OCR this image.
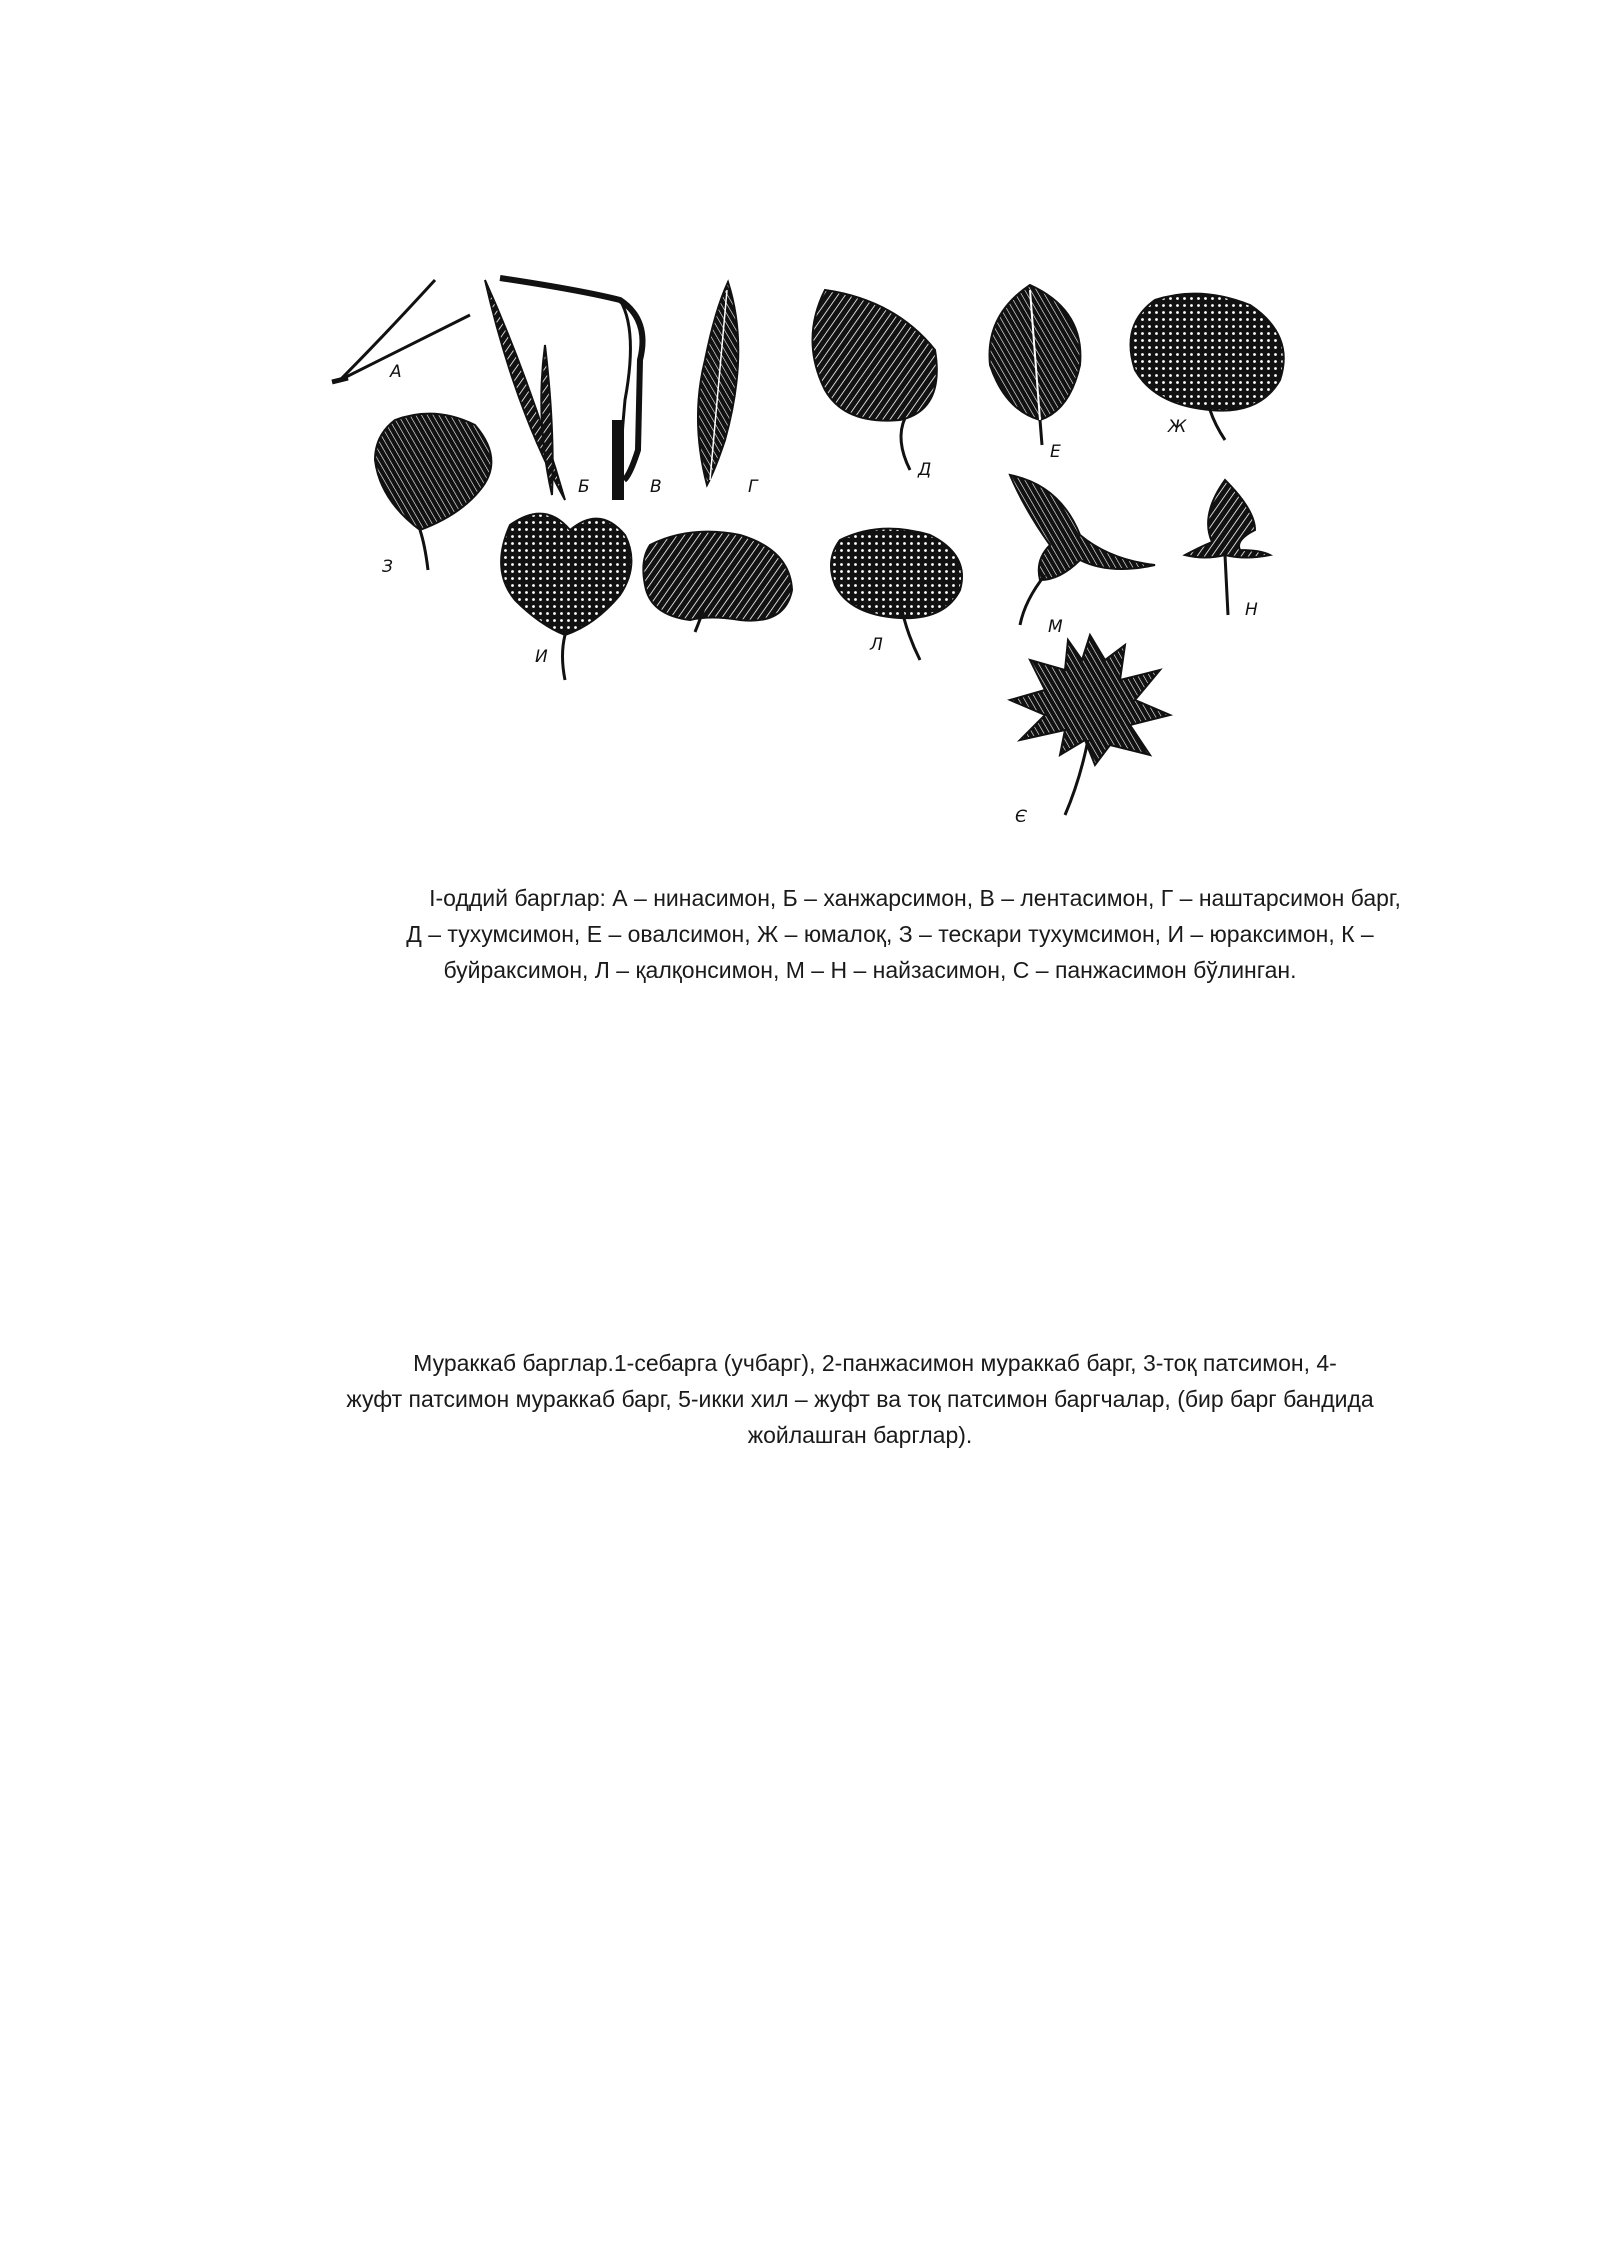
А
Б	В	Г
Д
Е
Ж
З
И
Л
М
Н
Є
I-оддий барглар: А – нинасимон, Б – ханжарсимон, В – лентасимон, Г – наштарсимон барг,
Д – тухумсимон, Е – овалсимон, Ж – юмалоқ, З – тескари тухумсимон, И – юраксимон, К –
буйраксимон, Л – қалқонсимон, М – Н – найзасимон, С – панжасимон бўлинган.
Мураккаб барглар.1-себарга (учбарг), 2-панжасимон мураккаб барг, 3-тоқ патсимон, 4-
жуфт патсимон мураккаб барг, 5-икки хил – жуфт ва тоқ патсимон баргчалар, (бир барг бандида
жойлашган барглар).
